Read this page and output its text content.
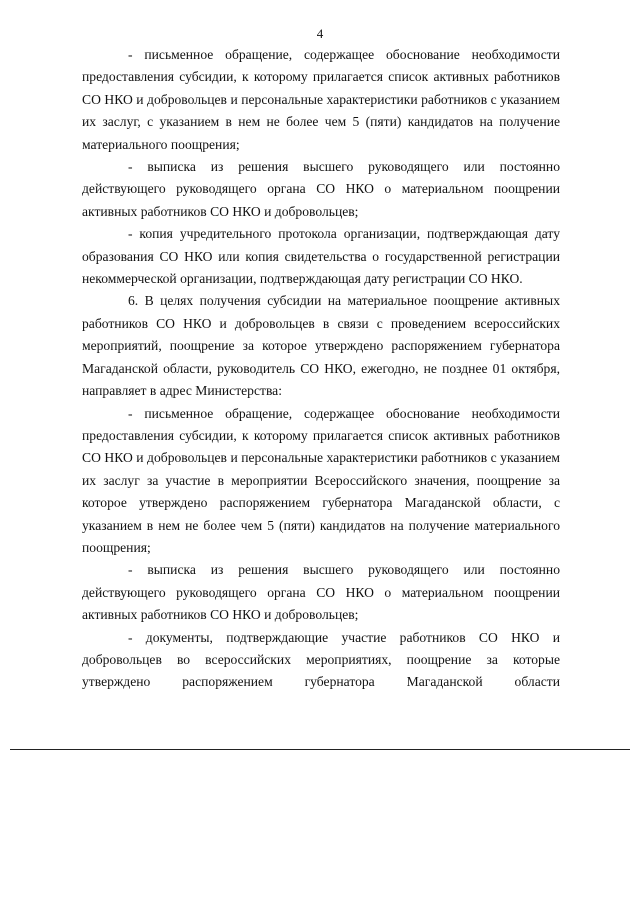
4

- письменное обращение, содержащее обоснование необходимости предоставления субсидии, к которому прилагается список активных работников СО НКО и добровольцев и персональные характеристики работников с указанием их заслуг, с указанием в нем не более чем 5 (пяти) кандидатов на получение материального поощрения;

- выписка из решения высшего руководящего или постоянно действующего руководящего органа СО НКО о материальном поощрении активных работников СО НКО и добровольцев;

- копия учредительного протокола организации, подтверждающая дату образования СО НКО или копия свидетельства о государственной регистрации некоммерческой организации, подтверждающая дату регистрации СО НКО.

6. В целях получения субсидии на материальное поощрение активных работников СО НКО и добровольцев в связи с проведением всероссийских мероприятий, поощрение за которое утверждено распоряжением губернатора Магаданской области, руководитель СО НКО, ежегодно, не позднее 01 октября, направляет в адрес Министерства:

- письменное обращение, содержащее обоснование необходимости предоставления субсидии, к которому прилагается список активных работников СО НКО и добровольцев и персональные характеристики работников с указанием их заслуг за участие в мероприятии Всероссийского значения, поощрение за которое утверждено распоряжением губернатора Магаданской области, с указанием в нем не более чем 5 (пяти) кандидатов на получение материального поощрения;

- выписка из решения высшего руководящего или постоянно действующего руководящего органа СО НКО о материальном поощрении активных работников СО НКО и добровольцев;

- документы, подтверждающие участие работников СО НКО и добровольцев во всероссийских мероприятиях, поощрение за которые утверждено распоряжением губернатора Магаданской области
